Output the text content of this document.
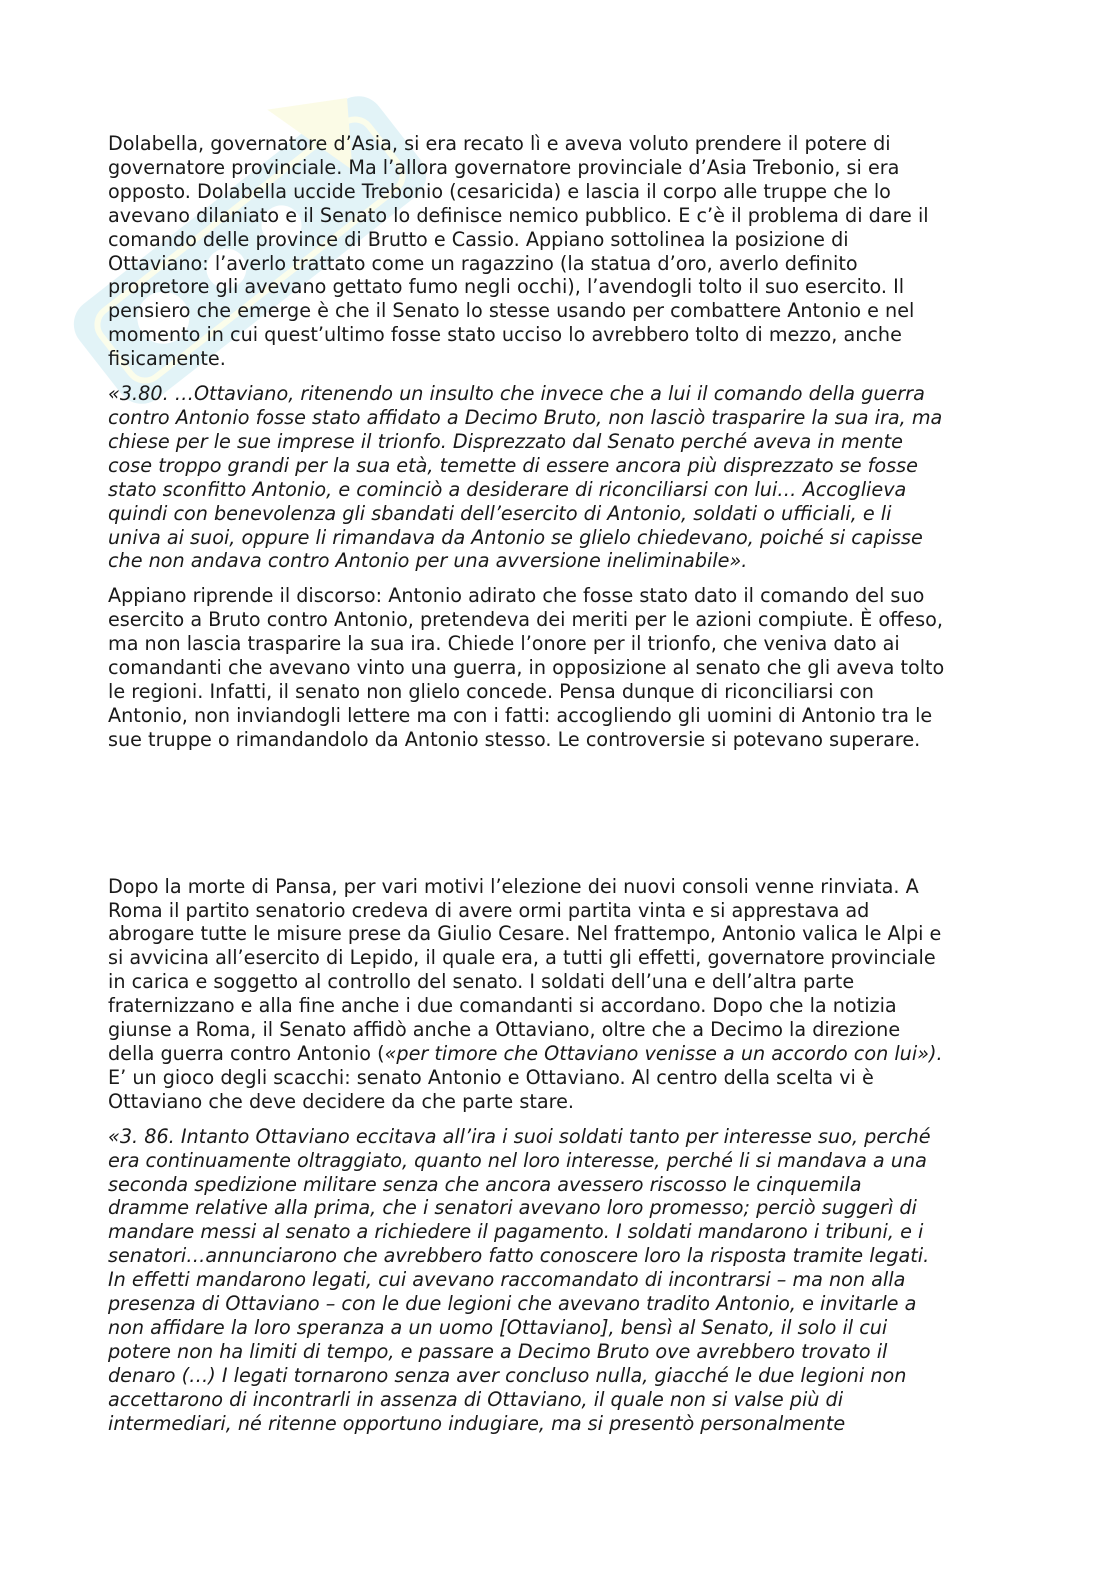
Dolabella, governatore d’Asia, si era recato lì e aveva voluto prendere il potere di
governatore provinciale. Ma l’allora governatore provinciale d’Asia Trebonio, si era
opposto. Dolabella uccide Trebonio (cesaricida) e lascia il corpo alle truppe che lo
avevano dilaniato e il Senato lo definisce nemico pubblico. E c’è il problema di dare il
comando delle province di Brutto e Cassio. Appiano sottolinea la posizione di
Ottaviano: l’averlo trattato come un ragazzino (la statua d’oro, averlo definito
propretore gli avevano gettato fumo negli occhi), l’avendogli tolto il suo esercito. Il
pensiero che emerge è che il Senato lo stesse usando per combattere Antonio e nel
momento in cui quest’ultimo fosse stato ucciso lo avrebbero tolto di mezzo, anche
fisicamente.

«3.80. …Ottaviano, ritenendo un insulto che invece che a lui il comando della guerra
contro Antonio fosse stato affidato a Decimo Bruto, non lasciò trasparire la sua ira, ma
chiese per le sue imprese il trionfo. Disprezzato dal Senato perché aveva in mente
cose troppo grandi per la sua età, temette di essere ancora più disprezzato se fosse
stato sconfitto Antonio, e cominciò a desiderare di riconciliarsi con lui… Accoglieva
quindi con benevolenza gli sbandati dell’esercito di Antonio, soldati o ufficiali, e li
univa ai suoi, oppure li rimandava da Antonio se glielo chiedevano, poiché si capisse
che non andava contro Antonio per una avversione ineliminabile».

Appiano riprende il discorso: Antonio adirato che fosse stato dato il comando del suo
esercito a Bruto contro Antonio, pretendeva dei meriti per le azioni compiute. È offeso,
ma non lascia trasparire la sua ira. Chiede l’onore per il trionfo, che veniva dato ai
comandanti che avevano vinto una guerra, in opposizione al senato che gli aveva tolto
le regioni. Infatti, il senato non glielo concede. Pensa dunque di riconciliarsi con
Antonio, non inviandogli lettere ma con i fatti: accogliendo gli uomini di Antonio tra le
sue truppe o rimandandolo da Antonio stesso. Le controversie si potevano superare.

Dopo la morte di Pansa, per vari motivi l’elezione dei nuovi consoli venne rinviata. A
Roma il partito senatorio credeva di avere ormi partita vinta e si apprestava ad
abrogare tutte le misure prese da Giulio Cesare. Nel frattempo, Antonio valica le Alpi e
si avvicina all’esercito di Lepido, il quale era, a tutti gli effetti, governatore provinciale
in carica e soggetto al controllo del senato. I soldati dell’una e dell’altra parte
fraternizzano e alla fine anche i due comandanti si accordano. Dopo che la notizia
giunse a Roma, il Senato affidò anche a Ottaviano, oltre che a Decimo la direzione
della guerra contro Antonio («per timore che Ottaviano venisse a un accordo con lui»).
E’ un gioco degli scacchi: senato Antonio e Ottaviano. Al centro della scelta vi è
Ottaviano che deve decidere da che parte stare.

«3. 86. Intanto Ottaviano eccitava all’ira i suoi soldati tanto per interesse suo, perché
era continuamente oltraggiato, quanto nel loro interesse, perché li si mandava a una
seconda spedizione militare senza che ancora avessero riscosso le cinquemila
dramme relative alla prima, che i senatori avevano loro promesso; perciò suggerì di
mandare messi al senato a richiedere il pagamento. I soldati mandarono i tribuni, e i
senatori…annunciarono che avrebbero fatto conoscere loro la risposta tramite legati.
In effetti mandarono legati, cui avevano raccomandato di incontrarsi – ma non alla
presenza di Ottaviano – con le due legioni che avevano tradito Antonio, e invitarle a
non affidare la loro speranza a un uomo [Ottaviano], bensì al Senato, il solo il cui
potere non ha limiti di tempo, e passare a Decimo Bruto ove avrebbero trovato il
denaro (…) I legati tornarono senza aver concluso nulla, giacché le due legioni non
accettarono di incontrarli in assenza di Ottaviano, il quale non si valse più di
intermediari, né ritenne opportuno indugiare, ma si presentò personalmente
